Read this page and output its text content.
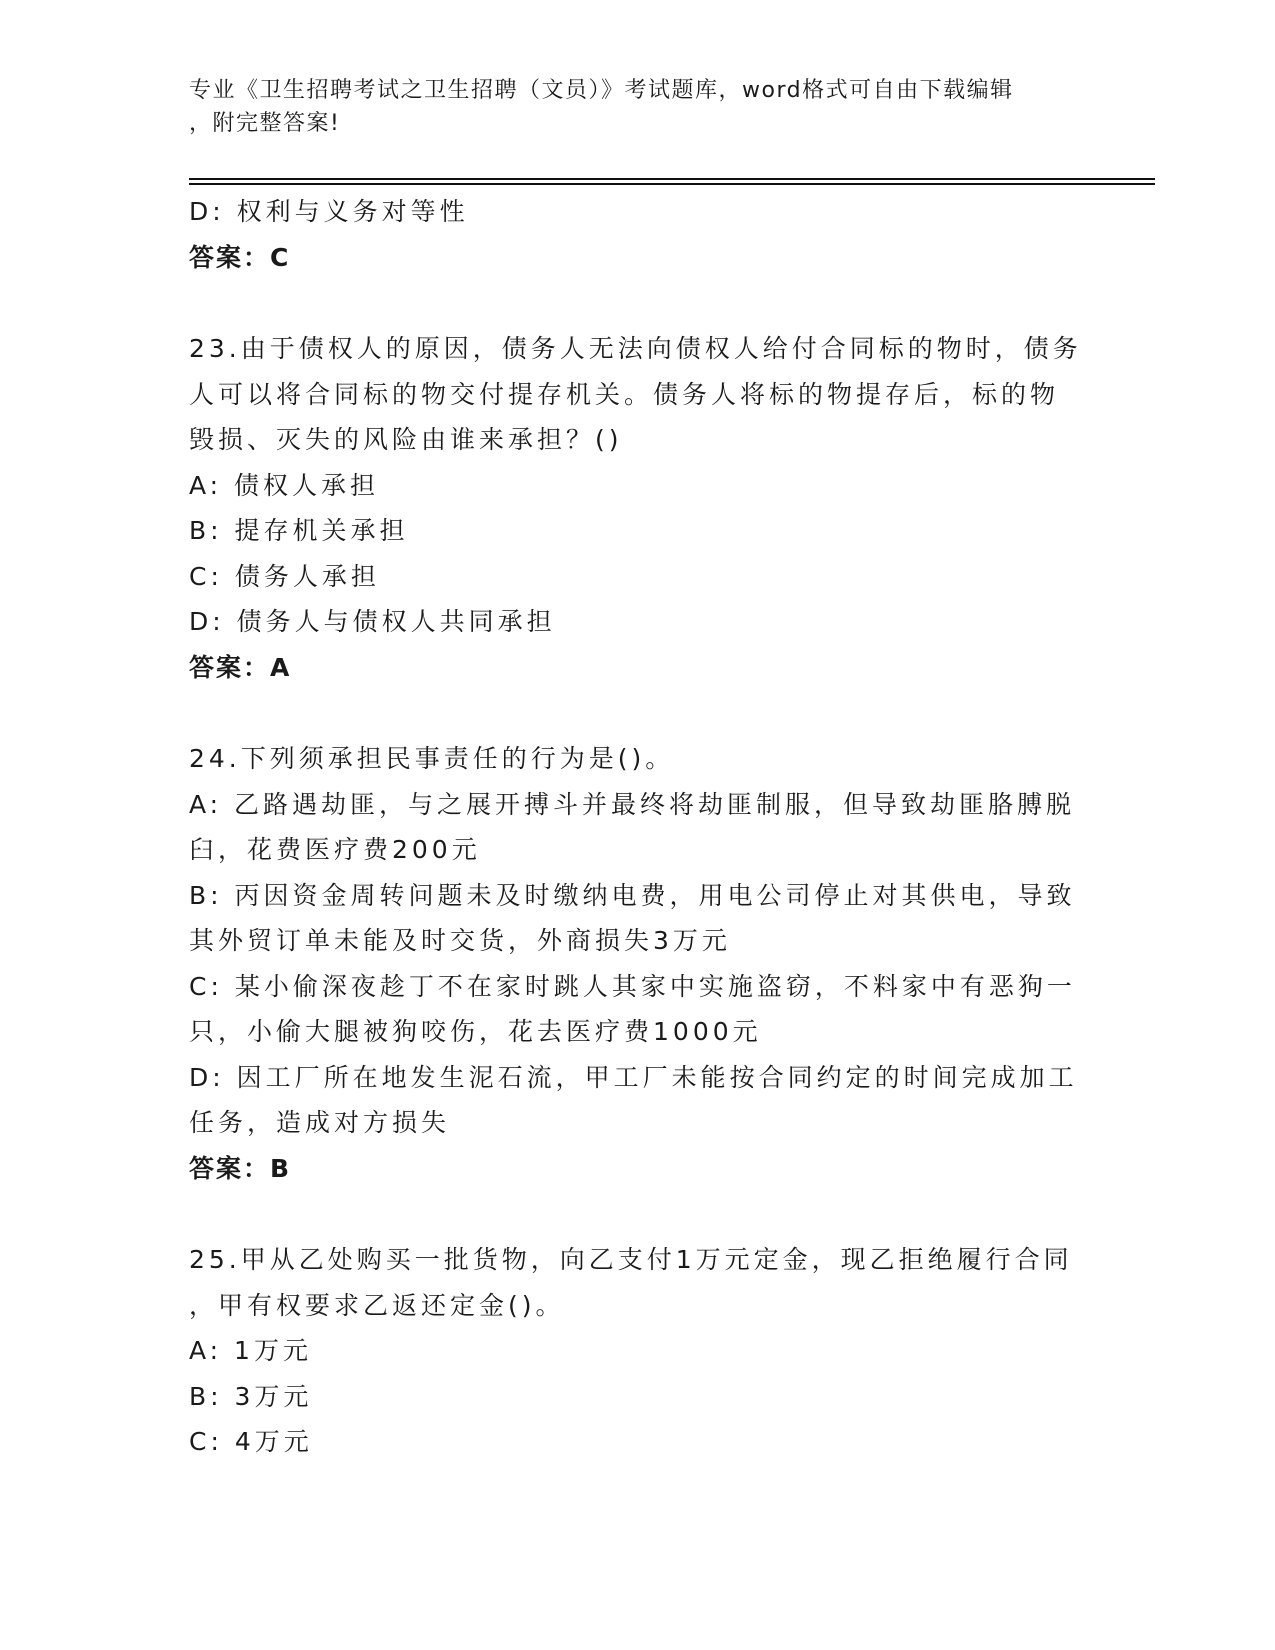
专业《卫生招聘考试之卫生招聘（文员）》考试题库，word格式可自由下载编辑
，附完整答案!

D: 权利与义务对等性

答案：C

23.由于债权人的原因，债务人无法向债权人给付合同标的物时，债务

人可以将合同标的物交付提存机关。债务人将标的物提存后，标的物

毁损、灭失的风险由谁来承担？()

A: 债权人承担

B: 提存机关承担

C: 债务人承担

D: 债务人与债权人共同承担

答案：A

24.下列须承担民事责任的行为是()。

A: 乙路遇劫匪，与之展开搏斗并最终将劫匪制服，但导致劫匪胳膊脱

臼，花费医疗费200元

B: 丙因资金周转问题未及时缴纳电费，用电公司停止对其供电，导致

其外贸订单未能及时交货，外商损失3万元

C: 某小偷深夜趁丁不在家时跳人其家中实施盗窃，不料家中有恶狗一

只，小偷大腿被狗咬伤，花去医疗费1000元

D: 因工厂所在地发生泥石流，甲工厂未能按合同约定的时间完成加工

任务，造成对方损失

答案：B

25.甲从乙处购买一批货物，向乙支付1万元定金，现乙拒绝履行合同

，甲有权要求乙返还定金()。

A: 1万元

B: 3万元

C: 4万元
